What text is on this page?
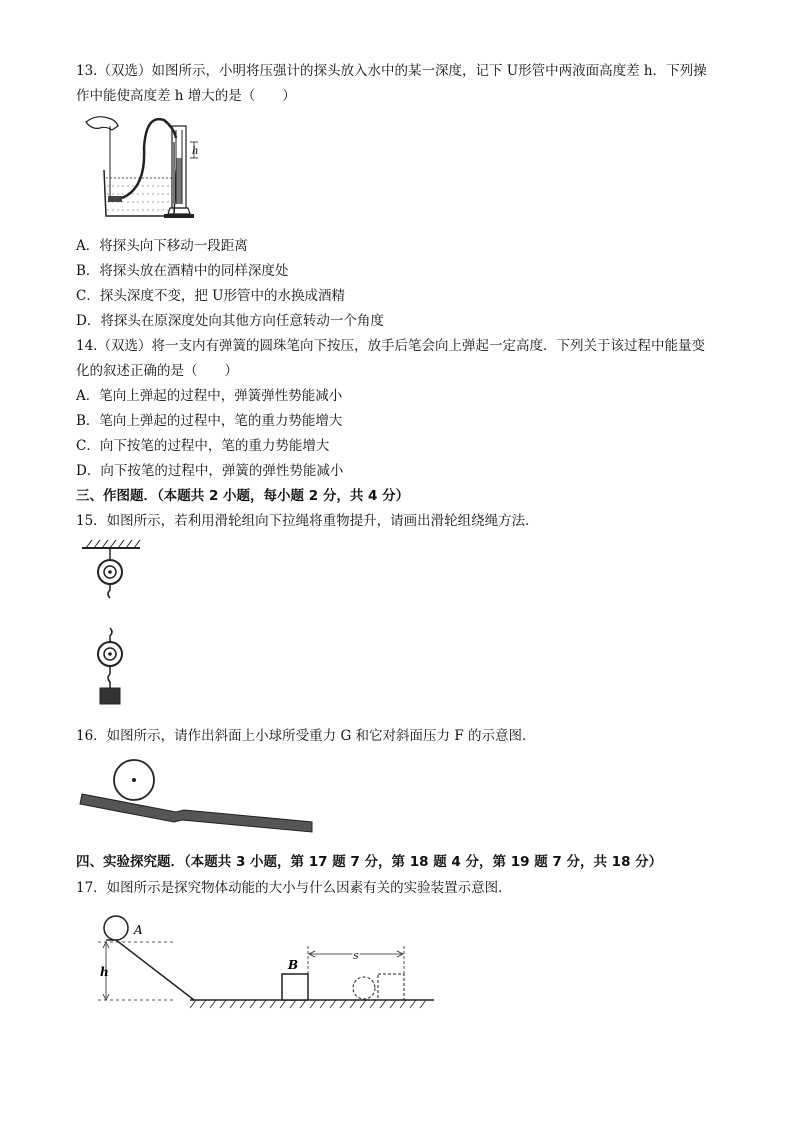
13.（双选）如图所示，小明将压强计的探头放入水中的某一深度，记下 U形管中两液面高度差 h．下列操
作中能使高度差 h 增大的是（　　）
h
A．将探头向下移动一段距离
B．将探头放在酒精中的同样深度处
C．探头深度不变，把 U形管中的水换成酒精
D．将探头在原深度处向其他方向任意转动一个角度
14.（双选）将一支内有弹簧的圆珠笔向下按压，放手后笔会向上弹起一定高度．下列关于该过程中能量变
化的叙述正确的是（　　）
A．笔向上弹起的过程中，弹簧弹性势能减小
B．笔向上弹起的过程中，笔的重力势能增大
C．向下按笔的过程中，笔的重力势能增大
D．向下按笔的过程中，弹簧的弹性势能减小
三、作图题．（本题共 2 小题，每小题 2 分，共 4 分）
15．如图所示，若利用滑轮组向下拉绳将重物提升，请画出滑轮组绕绳方法．
16．如图所示，请作出斜面上小球所受重力 G 和它对斜面压力 F 的示意图．
四、实验探究题．（本题共 3 小题，第 17 题 7 分，第 18 题 4 分，第 19 题 7 分，共 18 分）
17．如图所示是探究物体动能的大小与什么因素有关的实验装置示意图．
h
A
B
s
